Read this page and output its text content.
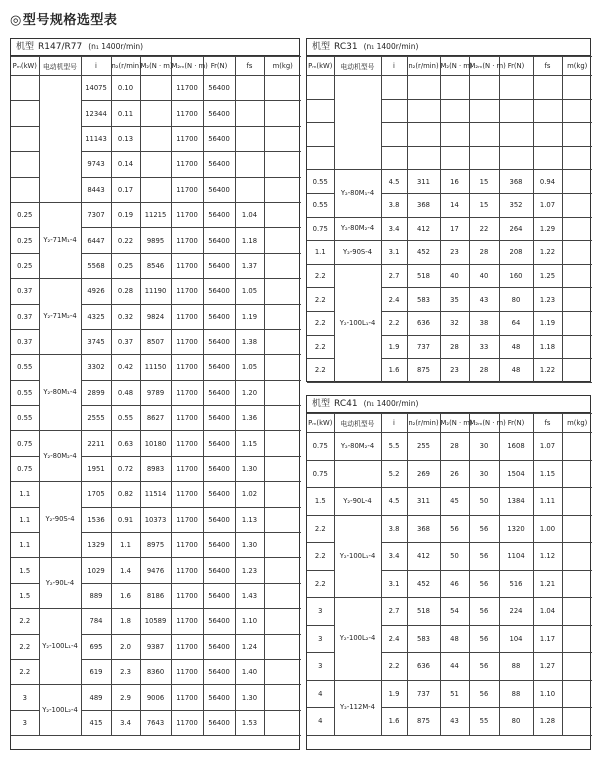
◎型号规格选型表
机型 R147/R77 (n₁ 1400r/min)
Pₘ(kW)	电动机型号	i	n₂(r/min)	M₂(N · m)	M₂ₘ(N · m)	Fr(N)	fs	m(kg)
		14075	0.10		11700	56400		
		12344	0.11		11700	56400		
		11143	0.13		11700	56400		
		9743	0.14		11700	56400		
		8443	0.17		11700	56400		
0.25	Y₂-71M₁-4	7307	0.19	11215	11700	56400	1.04	
0.25		6447	0.22	9895	11700	56400	1.18	
0.25		5568	0.25	8546	11700	56400	1.37	
0.37	Y₂-71M₂-4	4926	0.28	11190	11700	56400	1.05	
0.37		4325	0.32	9824	11700	56400	1.19	
0.37		3745	0.37	8507	11700	56400	1.38	
0.55	Y₂-80M₁-4	3302	0.42	11150	11700	56400	1.05	
0.55		2899	0.48	9789	11700	56400	1.20	
0.55		2555	0.55	8627	11700	56400	1.36	
0.75	Y₂-80M₂-4	2211	0.63	10180	11700	56400	1.15	
0.75		1951	0.72	8983	11700	56400	1.30	
1.1	Y₂-90S-4	1705	0.82	11514	11700	56400	1.02	
1.1		1536	0.91	10373	11700	56400	1.13	
1.1		1329	1.1	8975	11700	56400	1.30	
1.5	Y₂-90L-4	1029	1.4	9476	11700	56400	1.23	
1.5		889	1.6	8186	11700	56400	1.43	
2.2	Y₂-100L₁-4	784	1.8	10589	11700	56400	1.10	
2.2		695	2.0	9387	11700	56400	1.24	
2.2		619	2.3	8360	11700	56400	1.40	
3	Y₂-100L₂-4	489	2.9	9006	11700	56400	1.30	
3		415	3.4	7643	11700	56400	1.53	
机型 RC31 (n₁ 1400r/min)
Pₘ(kW)	电动机型号	i	n₂(r/min)	M₂(N · m)	M₂ₘ(N · m)	Fr(N)	fs	m(kg)

0.55	Y₂-80M₁-4	4.5	311	16	15	368	0.94	
0.55		3.8	368	14	15	352	1.07	
0.75	Y₂-80M₂-4	3.4	412	17	22	264	1.29	
1.1	Y₂-90S-4	3.1	452	23	28	208	1.22	
2.2	Y₂-100L₁-4	2.7	518	40	40	160	1.25	
2.2		2.4	583	35	43	80	1.23	
2.2		2.2	636	32	38	64	1.19	
2.2		1.9	737	28	33	48	1.18	
2.2		1.6	875	23	28	48	1.22	
机型 RC41 (n₁ 1400r/min)
Pₘ(kW)	电动机型号	i	n₂(r/min)	M₂(N · m)	M₂ₘ(N · m)	Fr(N)	fs	m(kg)
0.75	Y₂-80M₂-4	5.5	255	28	30	1608	1.07	
0.75		5.2	269	26	30	1504	1.15	
1.5	Y₂-90L-4	4.5	311	45	50	1384	1.11	
2.2	Y₂-100L₁-4	3.8	368	56	56	1320	1.00	
2.2		3.4	412	50	56	1104	1.12	
2.2		3.1	452	46	56	516	1.21	
3	Y₂-100L₂-4	2.7	518	54	56	224	1.04	
3		2.4	583	48	56	104	1.17	
3		2.2	636	44	56	88	1.27	
4	Y₂-112M-4	1.9	737	51	56	88	1.10	
4		1.6	875	43	55	80	1.28	
